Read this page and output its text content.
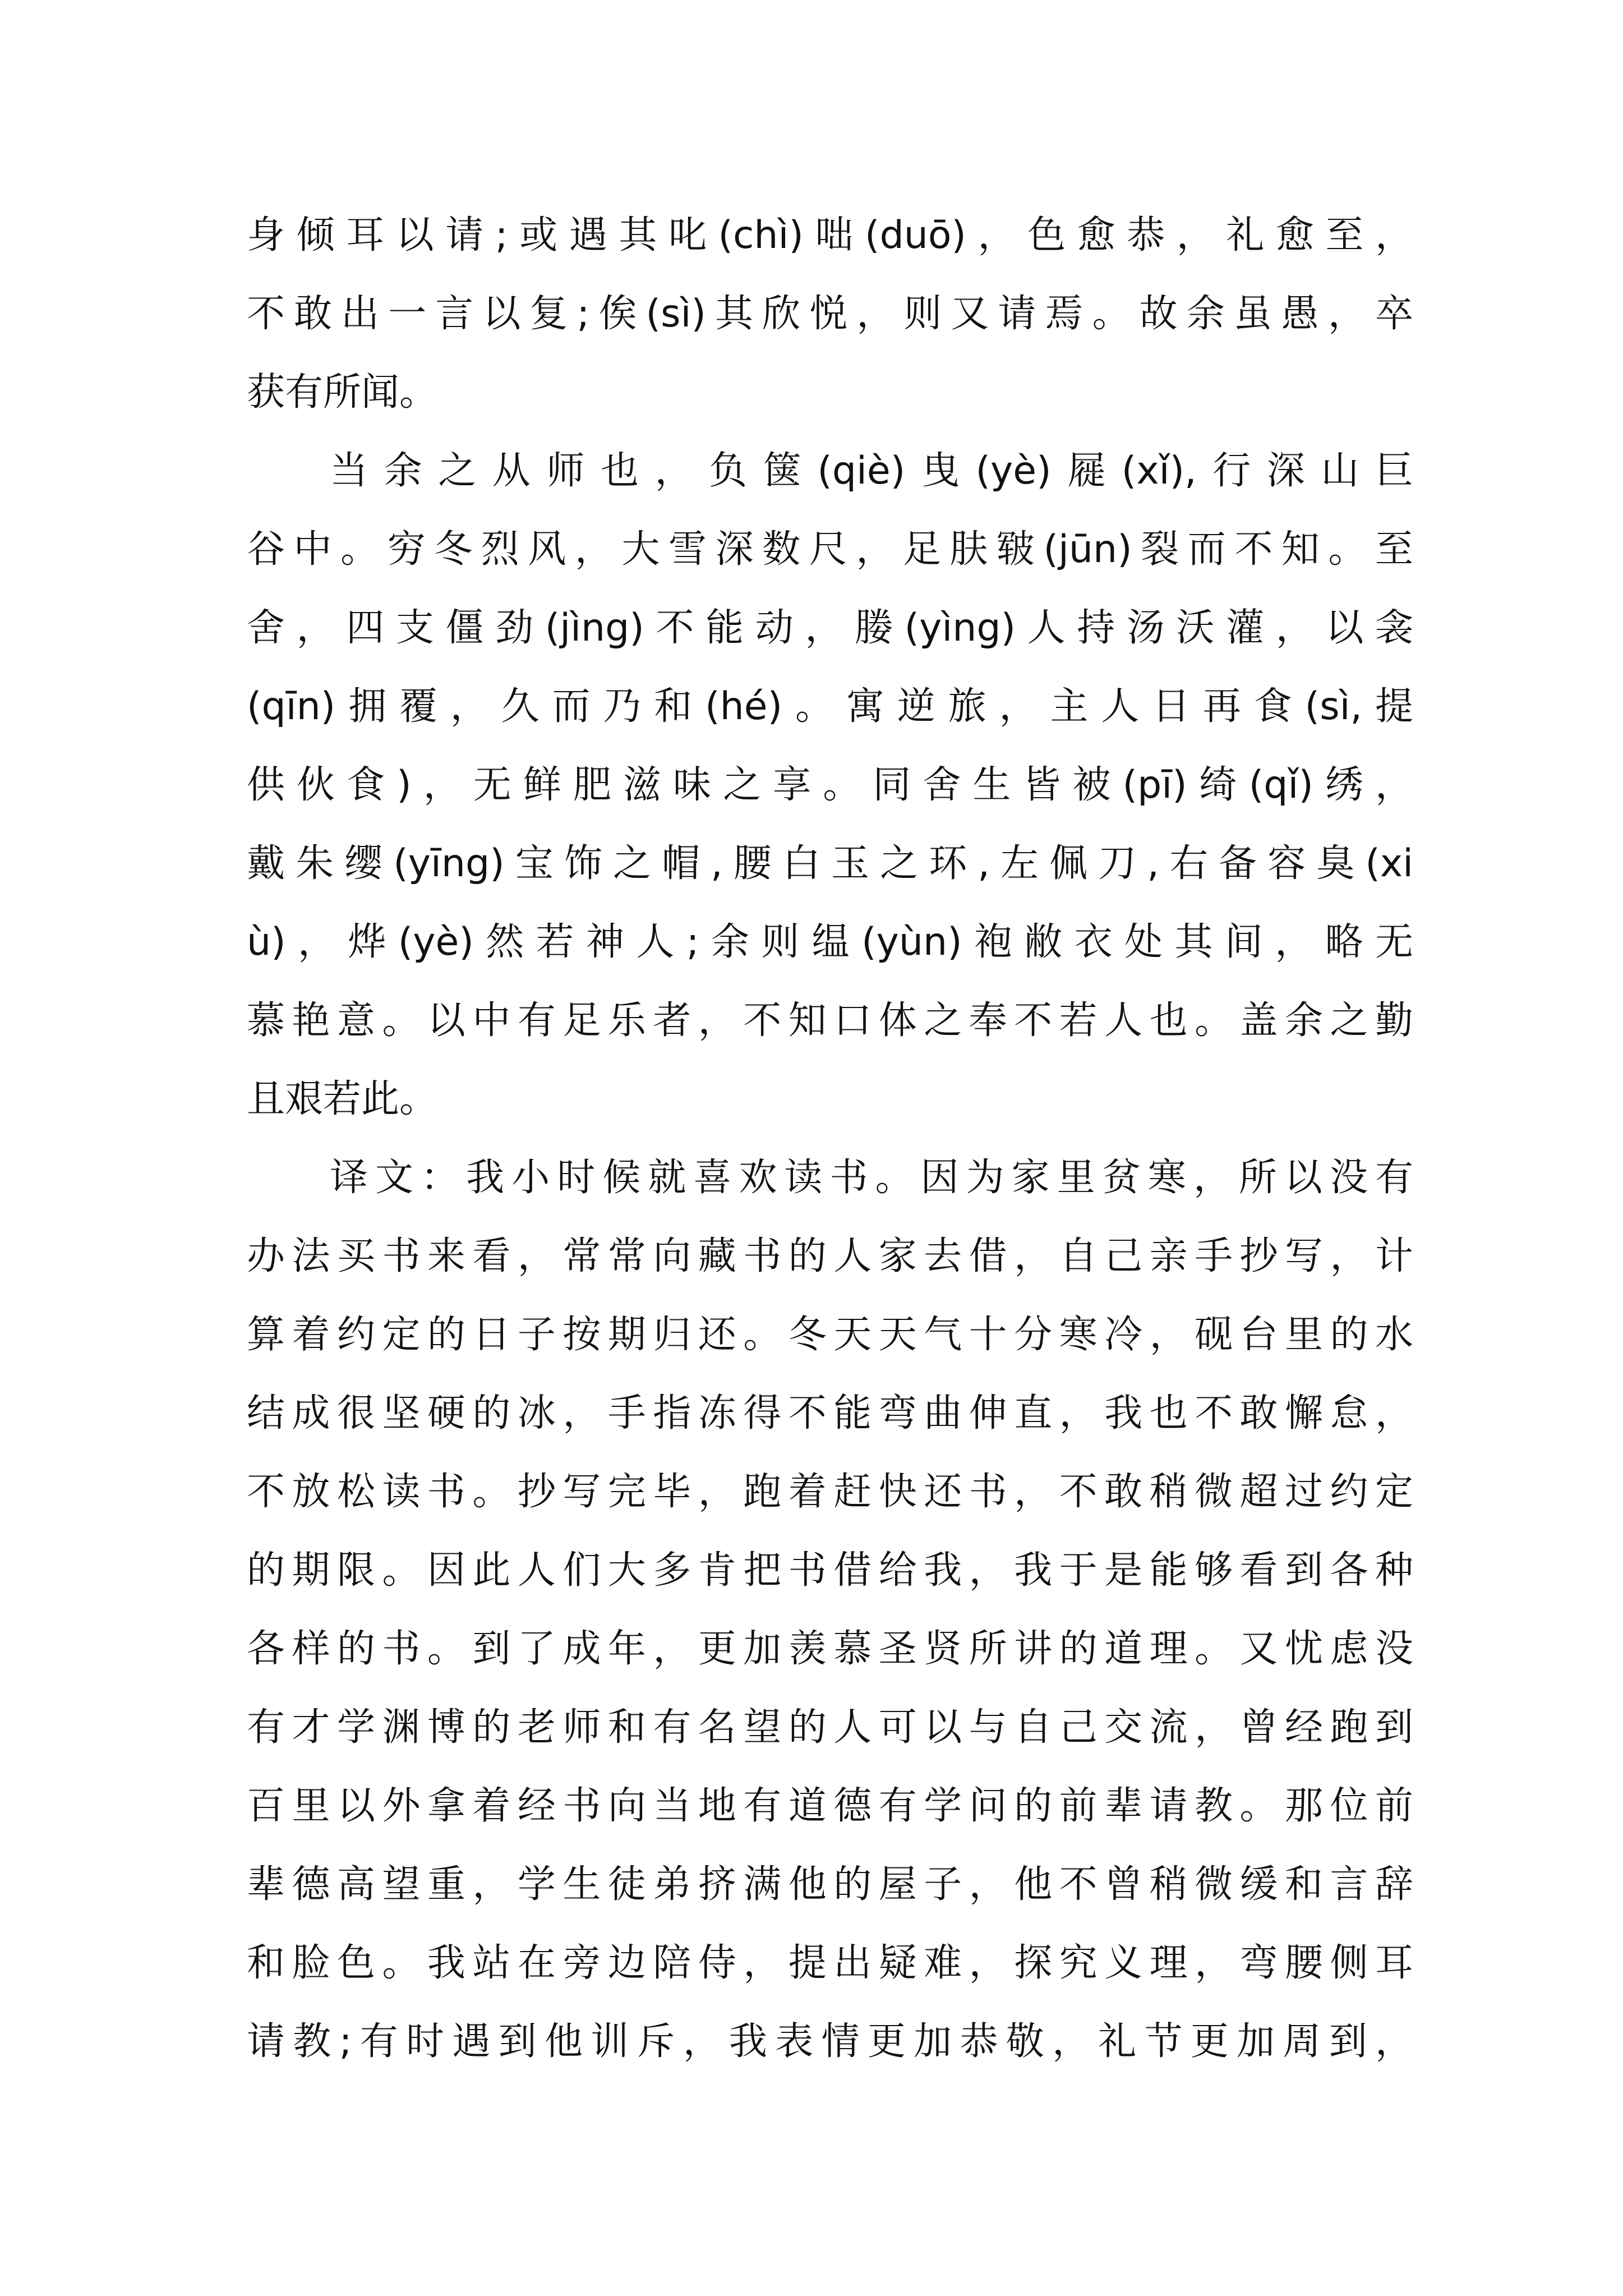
身倾耳以请;或遇其叱(chì)咄(duō)，色愈恭，礼愈至，
不敢出一言以复;俟(sì)其欣悦，则又请焉。故余虽愚，卒
获有所闻。
当余之从师也，负箧(qiè)曳(yè)屣(xǐ),行深山巨
谷中。穷冬烈风，大雪深数尺，足肤皲(jūn)裂而不知。至
舍，四支僵劲(jìng)不能动，媵(yìng)人持汤沃灌，以衾
(qīn)拥覆，久而乃和(hé)。寓逆旅，主人日再食(sì,提
供伙食)，无鲜肥滋味之享。同舍生皆被(pī)绮(qǐ)绣，
戴朱缨(yīng)宝饰之帽,腰白玉之环,左佩刀,右备容臭(xi
ù)，烨(yè)然若神人;余则缊(yùn)袍敝衣处其间，略无
慕艳意。以中有足乐者，不知口体之奉不若人也。盖余之勤
且艰若此。
译文：我小时候就喜欢读书。因为家里贫寒，所以没有
办法买书来看，常常向藏书的人家去借，自己亲手抄写，计
算着约定的日子按期归还。冬天天气十分寒冷，砚台里的水
结成很坚硬的冰，手指冻得不能弯曲伸直，我也不敢懈怠，
不放松读书。抄写完毕，跑着赶快还书，不敢稍微超过约定
的期限。因此人们大多肯把书借给我，我于是能够看到各种
各样的书。到了成年，更加羡慕圣贤所讲的道理。又忧虑没
有才学渊博的老师和有名望的人可以与自己交流，曾经跑到
百里以外拿着经书向当地有道德有学问的前辈请教。那位前
辈德高望重，学生徒弟挤满他的屋子，他不曾稍微缓和言辞
和脸色。我站在旁边陪侍，提出疑难，探究义理，弯腰侧耳
请教;有时遇到他训斥，我表情更加恭敬，礼节更加周到，
